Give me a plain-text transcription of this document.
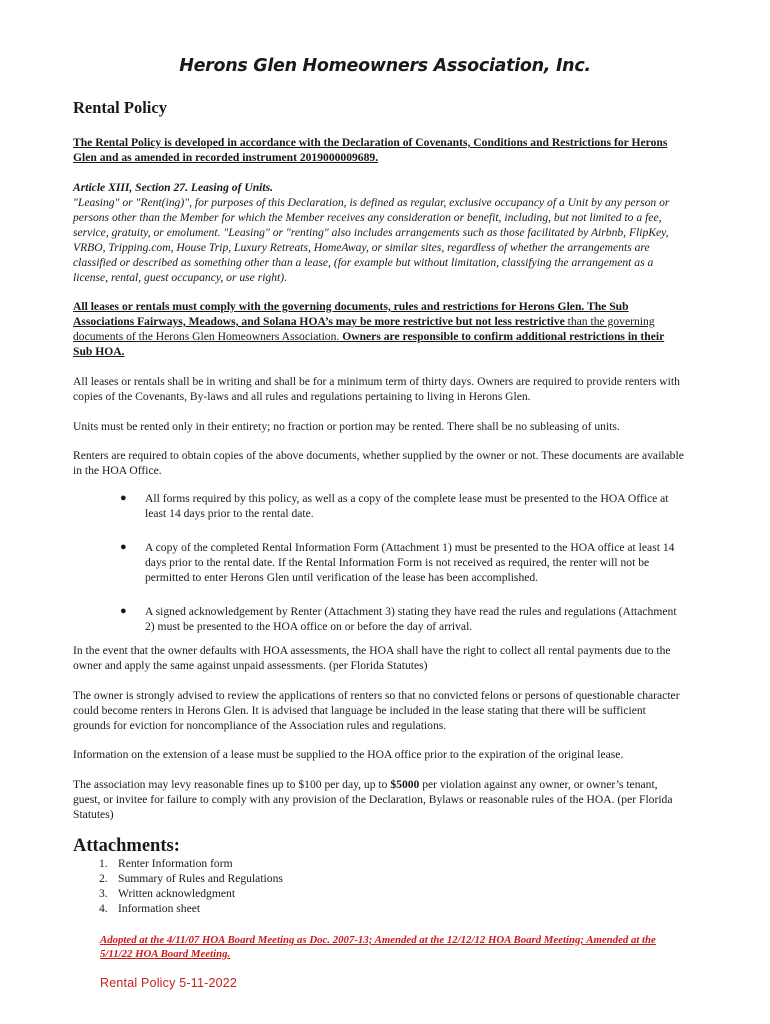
Herons Glen Homeowners Association, Inc.
Rental Policy

The Rental Policy is developed in accordance with the Declaration of Covenants, Conditions and Restrictions for Herons Glen and as amended in recorded instrument 2019000009689.

Article XIII, Section 27. Leasing of Units.

"Leasing" or "Rent(ing)", for purposes of this Declaration, is defined as regular, exclusive occupancy of a Unit by any person or persons other than the Member for which the Member receives any consideration or benefit, including, but not limited to a fee, service, gratuity, or emolument. "Leasing" or "renting" also includes arrangements such as those facilitated by Airbnb, FlipKey, VRBO, Tripping.com, House Trip, Luxury Retreats, HomeAway, or similar sites, regardless of whether the arrangements are classified or described as something other than a lease, (for example but without limitation, classifying the arrangement as a license, rental, guest occupancy, or use right).

All leases or rentals must comply with the governing documents, rules and restrictions for Herons Glen. The Sub Associations Fairways, Meadows, and Solana HOA’s may be more restrictive but not less restrictive than the governing documents of the Herons Glen Homeowners Association. Owners are responsible to confirm additional restrictions in their Sub HOA.

All leases or rentals shall be in writing and shall be for a minimum term of thirty days. Owners are required to provide renters with copies of the Covenants, By-laws and all rules and regulations pertaining to living in Herons Glen.

Units must be rented only in their entirety; no fraction or portion may be rented. There shall be no subleasing of units.

Renters are required to obtain copies of the above documents, whether supplied by the owner or not. These documents are available in the HOA Office.

● All forms required by this policy, as well as a copy of the complete lease must be presented to the HOA Office at least 14 days prior to the rental date.
● A copy of the completed Rental Information Form (Attachment 1) must be presented to the HOA office at least 14 days prior to the rental date. If the Rental Information Form is not received as required, the renter will not be permitted to enter Herons Glen until verification of the lease has been accomplished.
● A signed acknowledgement by Renter (Attachment 3) stating they have read the rules and regulations (Attachment 2) must be presented to the HOA office on or before the day of arrival.

In the event that the owner defaults with HOA assessments, the HOA shall have the right to collect all rental payments due to the owner and apply the same against unpaid assessments. (per Florida Statutes)

The owner is strongly advised to review the applications of renters so that no convicted felons or persons of questionable character could become renters in Herons Glen. It is advised that language be included in the lease stating that there will be sufficient grounds for eviction for noncompliance of the Association rules and regulations.

Information on the extension of a lease must be supplied to the HOA office prior to the expiration of the original lease.

The association may levy reasonable fines up to $100 per day, up to $5000 per violation against any owner, or owner’s tenant, guest, or invitee for failure to comply with any provision of the Declaration, Bylaws or reasonable rules of the HOA. (per Florida Statutes)

Attachments:
1. Renter Information form
2. Summary of Rules and Regulations
3. Written acknowledgment
4. Information sheet
Adopted at the 4/11/07 HOA Board Meeting as Doc. 2007-13; Amended at the 12/12/12 HOA Board Meeting; Amended at the 5/11/22 HOA Board Meeting.
Rental Policy 5-11-2022
